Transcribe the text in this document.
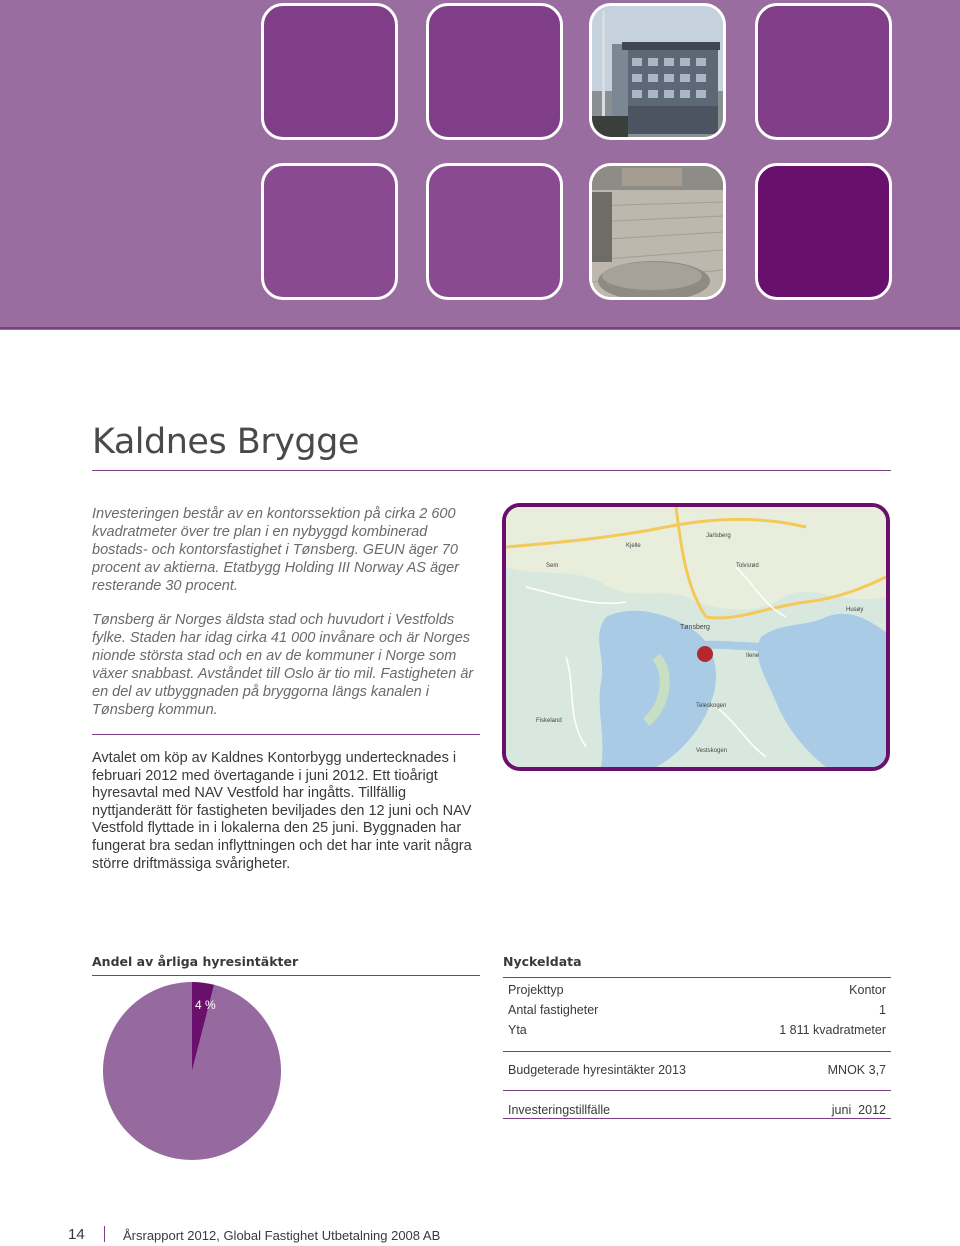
Kaldnes Brygge

Investeringen består av en kontorssektion på cirka 2 600 kvadratmeter över tre plan i en nybyggd kombinerad bostads- och kontorsfastighet i Tønsberg. GEUN äger 70 procent av aktierna. Etatbygg Holding III Norway AS äger resterande 30 procent.

Tønsberg är Norges äldsta stad och huvudort i Vestfolds fylke. Staden har idag cirka 41 000 invånare och är Norges nionde största stad och en av de kommuner i Norge som växer snabbast. Avståndet till Oslo är tio mil. Fastigheten är en del av utbyggnaden på bryggorna längs kanalen i Tønsberg kommun.

Avtalet om köp av Kaldnes Kontorbygg undertecknades i februari 2012 med övertagande i juni 2012. Ett tioårigt hyresavtal med NAV Vestfold har ingåtts. Tillfällig nyttjanderätt för fastigheten beviljades den 12 juni och NAV Vestfold flyttade in i lokalerna den 25 juni. Byggnaden har fungerat bra sedan inflyttningen och det har inte varit några större driftmässiga svårigheter.

Tønsberg
Husøy
Ilene
Teleskogen
Jarlsberg
Kjelle
Sem
Fiskeland
Vestskogen
Tolvsrød
Andel av årliga hyresintäkter
4 %
Nyckeldata
Projekttyp	Kontor
Antal fastigheter	1
Yta	1 811 kvadratmeter
Budgeterade hyresintäkter 2013	MNOK 3,7
Investeringstillfälle	juni  2012
14	Årsrapport 2012, Global Fastighet Utbetalning 2008 AB
